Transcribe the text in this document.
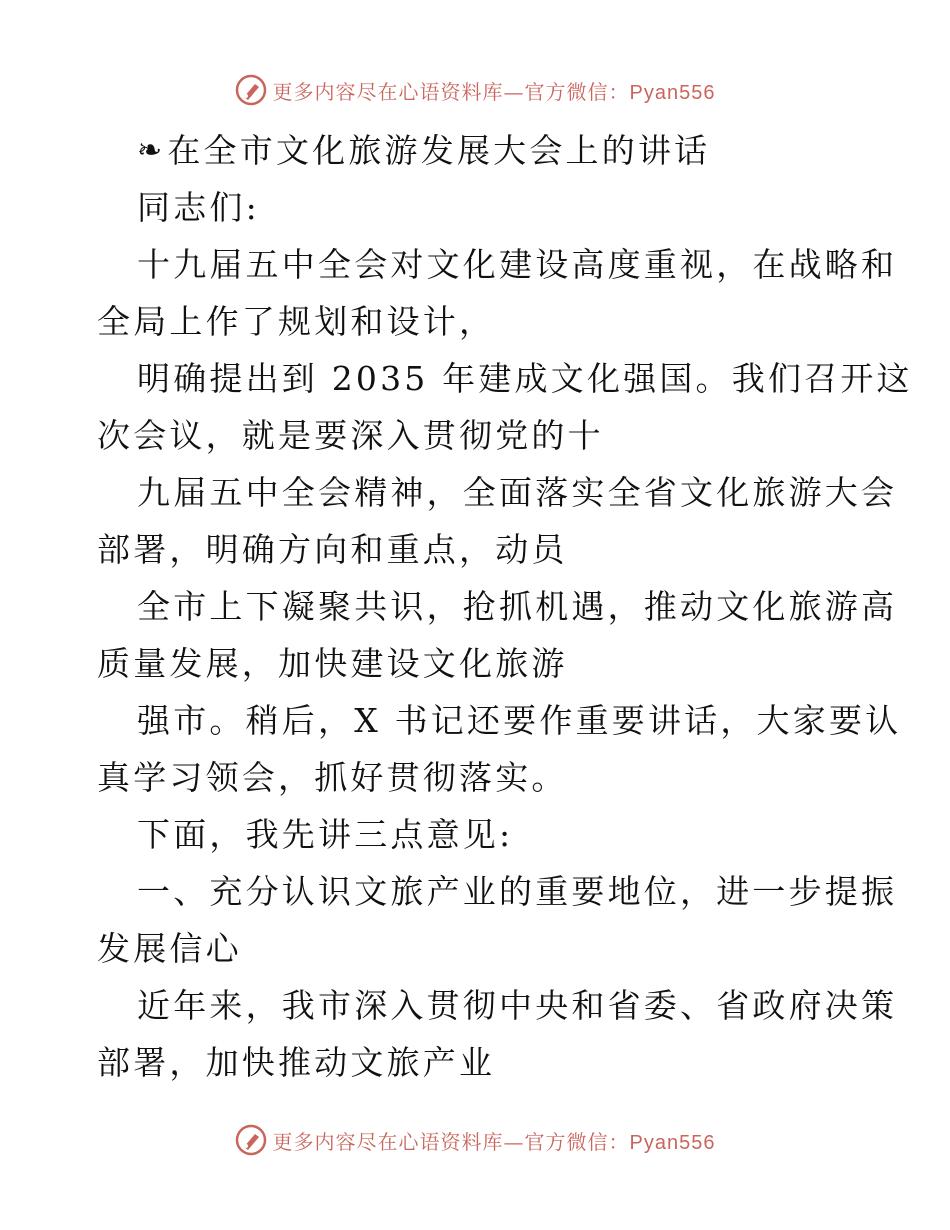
更多内容尽在心语资料库—官方微信：Pyan556
❧ 在全市文化旅游发展大会上的讲话
同志们:
十九届五中全会对文化建设高度重视，在战略和
全局上作了规划和设计，
明确提出到 2035 年建成文化强国。我们召开这
次会议，就是要深入贯彻党的十
九届五中全会精神，全面落实全省文化旅游大会
部署，明确方向和重点，动员
全市上下凝聚共识，抢抓机遇，推动文化旅游高
质量发展，加快建设文化旅游
强市。稍后，X 书记还要作重要讲话，大家要认
真学习领会，抓好贯彻落实。
下面，我先讲三点意见:
一、充分认识文旅产业的重要地位，进一步提振
发展信心
近年来，我市深入贯彻中央和省委、省政府决策
部署，加快推动文旅产业
更多内容尽在心语资料库—官方微信：Pyan556
